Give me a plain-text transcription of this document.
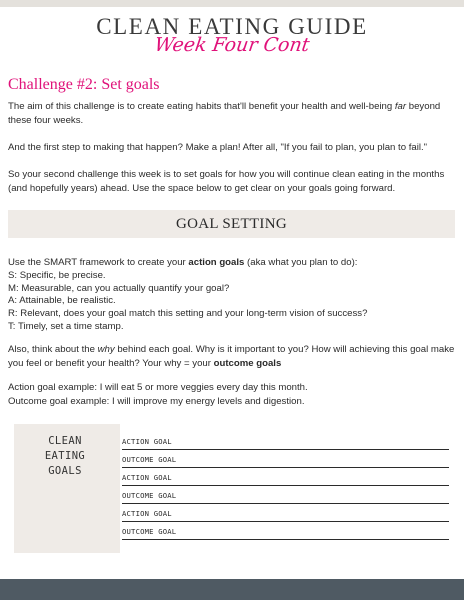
CLEAN EATING GUIDE
Week Four Cont
Challenge #2: Set goals

The aim of this challenge is to create eating habits that'll benefit your health and well-being far beyond these four weeks.

And the first step to making that happen? Make a plan! After all, "If you fail to plan, you plan to fail."

So your second challenge this week is to set goals for how you will continue clean eating in the months (and hopefully years) ahead. Use the space below to get clear on your goals going forward.

GOAL SETTING
Use the SMART framework to create your action goals (aka what you plan to do):
S: Specific, be precise.
M: Measurable, can you actually quantify your goal?
A: Attainable, be realistic.
R: Relevant, does your goal match this setting and your long-term vision of success?
T: Timely, set a time stamp.

Also, think about the why behind each goal. Why is it important to you? How will achieving this goal make you feel or benefit your health? Your why = your outcome goals

Action goal example: I will eat 5 or more veggies every day this month.
Outcome goal example: I will improve my energy levels and digestion.
CLEAN EATING GOALS
ACTION GOAL
OUTCOME GOAL
ACTION GOAL
OUTCOME GOAL
ACTION GOAL
OUTCOME GOAL
